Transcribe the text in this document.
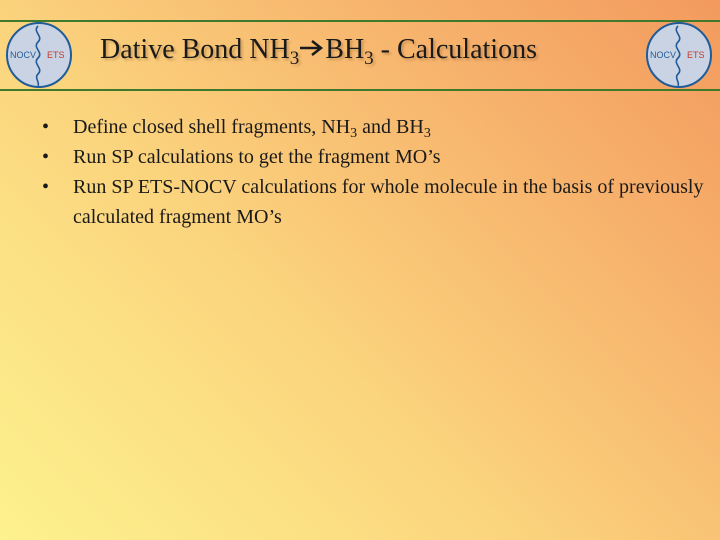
NOCV ETS	NOCV ETS
Dative Bond $NH_3$ $BH_3$ - Calculations
• Define closed shell fragments, $NH_3$ and $BH_3$
• Run SP calculations to get the fragment MO’s
• Run SP ETS-NOCV calculations for whole molecule in the basis of previously calculated fragment MO’s
